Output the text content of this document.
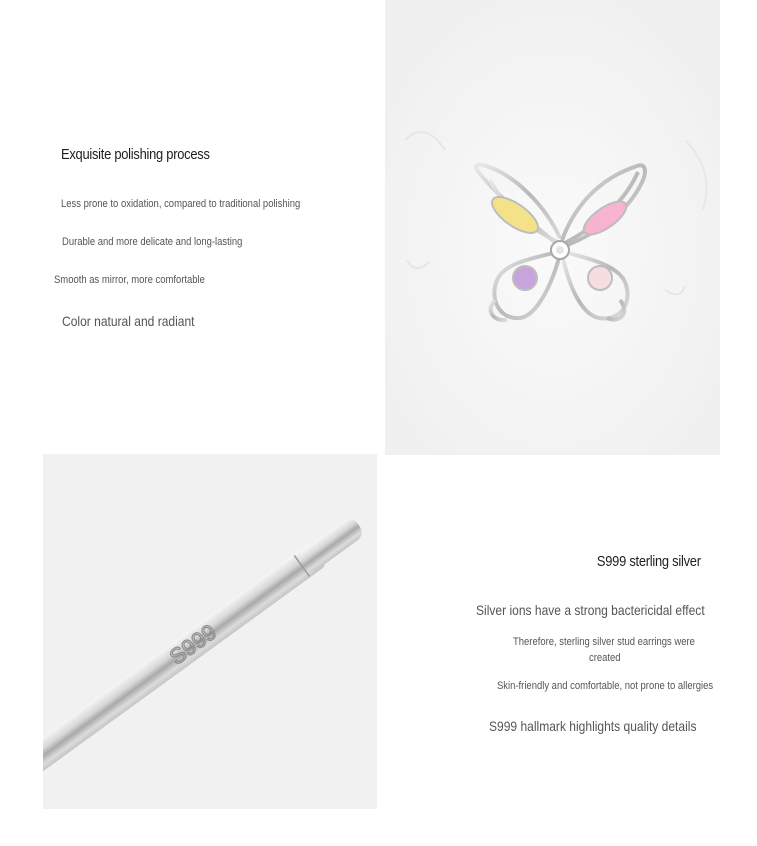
Exquisite polishing process
Less prone to oxidation, compared to traditional polishing
Durable and more delicate and long-lasting
Smooth as mirror, more comfortable
Color natural and radiant
S999
S999 sterling silver
Silver ions have a strong bactericidal effect
Therefore, sterling silver stud earrings were
created
Skin-friendly and comfortable, not prone to allergies
S999 hallmark highlights quality details
